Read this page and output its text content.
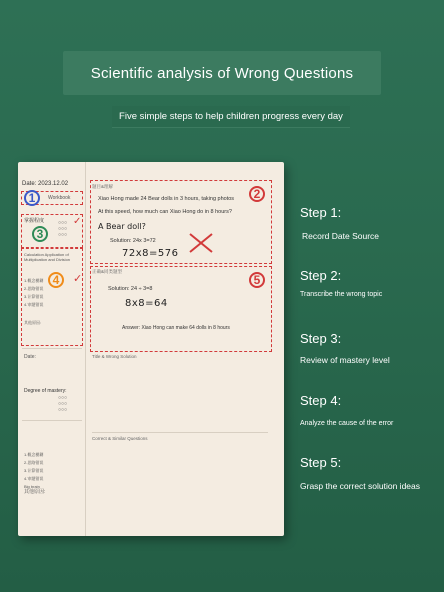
Scientific analysis of Wrong Questions
Five simple steps to help children progress every day
Date: 2023.12.02
1	Workbook
掌握程度
3
○○○
○○○
○○○
✓
Calculation Application of Multiplication and Division
4
1.概念模糊
2.思路错误
3.计算错误
4.审题错误
✓
其他原因:
Date:
Degree of mastery:
○○○
○○○
○○○
1.概念模糊
2.思路错误
3.计算错误
4.审题错误
Big brain
其他原因:
2
题目&理解
Xiao Hong made 24 Bear dolls in 3 hours, taking photos
At this speed, how much can Xiao Hong do in 8 hours?
A Bear doll?
Solution: 24x 3=72
72x8=576
5
正确&同类题型
Solution: 24 ÷ 3=8
8x8=64
Answer: Xiao Hong can make 64 dolls in 8 hours
Title & Wrong Solution
Correct & Similar Questions
Step 1:
Record Date Source
Step 2:
Transcribe the wrong topic
Step 3:
Review of mastery level
Step 4:
Analyze the cause of the error
Step 5:
Grasp the correct solution ideas
